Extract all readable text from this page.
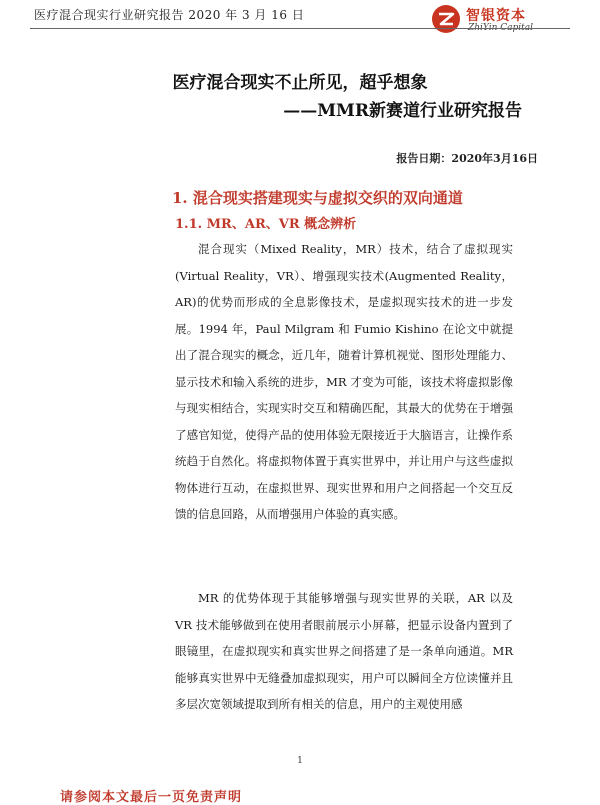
医疗混合现实行业研究报告 2020 年 3 月 16 日	智银资本
ZhiYin Capital
医疗混合现实不止所见，超乎想象
——MMR新赛道行业研究报告
报告日期：2020年3月16日
1. 混合现实搭建现实与虚拟交织的双向通道
1.1. MR、AR、VR 概念辨析

混合现实（Mixed Reality，MR）技术，结合了虚拟现实(Virtual Reality，VR）、增强现实技术(Augmented Reality，AR)的优势而形成的全息影像技术，是虚拟现实技术的进一步发展。1994 年，Paul Milgram 和 Fumio Kishino 在论文中就提出了混合现实的概念，近几年，随着计算机视觉、图形处理能力、显示技术和输入系统的进步，MR 才变为可能，该技术将虚拟影像与现实相结合，实现实时交互和精确匹配，其最大的优势在于增强了感官知觉，使得产品的使用体验无限接近于大脑语言，让操作系统趋于自然化。将虚拟物体置于真实世界中，并让用户与这些虚拟物体进行互动，在虚拟世界、现实世界和用户之间搭起一个交互反馈的信息回路，从而增强用户体验的真实感。

MR 的优势体现于其能够增强与现实世界的关联，AR 以及 VR 技术能够做到在使用者眼前展示小屏幕，把显示设备内置到了眼镜里，在虚拟现实和真实世界之间搭建了是一条单向通道。MR 能够真实世界中无缝叠加虚拟现实，用户可以瞬间全方位读懂并且多层次宽领域提取到所有相关的信息，用户的主观使用感

1
请参阅本文最后一页免责声明
